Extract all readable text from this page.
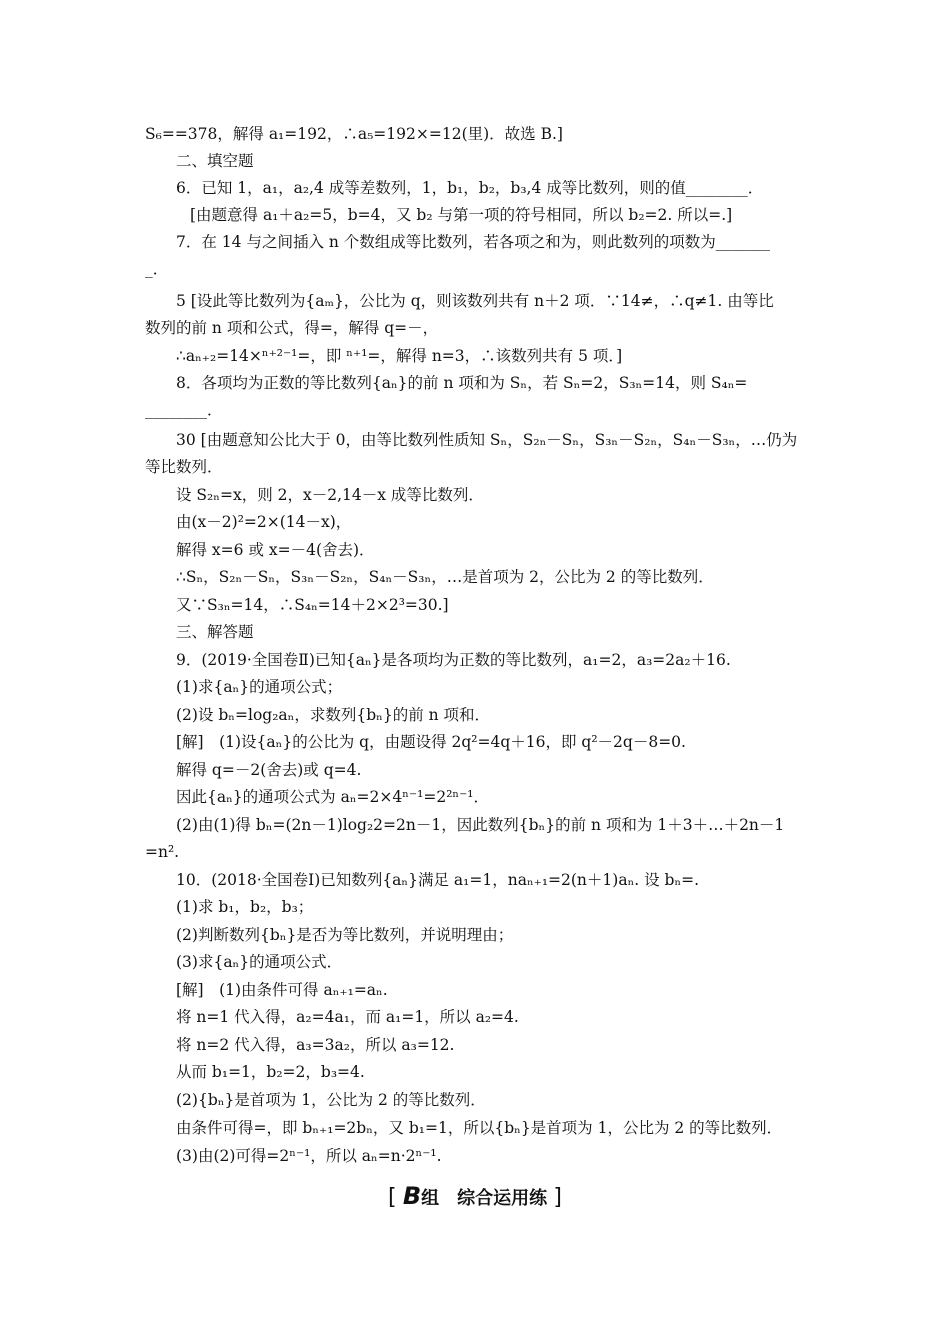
S₆==378，解得 a₁=192，∴a₅=192×=12(里)．故选 B.]
二、填空题
6．已知 1，a₁，a₂,4 成等差数列，1，b₁，b₂，b₃,4 成等比数列，则的值________．
[由题意得 a₁＋a₂=5，b=4，又 b₂ 与第一项的符号相同，所以 b₂=2. 所以=.]
7．在 14 与之间插入 n 个数组成等比数列，若各项之和为，则此数列的项数为_______
_．
5 [设此等比数列为{aₘ}，公比为 q，则该数列共有 n＋2 项．∵14≠，∴q≠1. 由等比
数列的前 n 项和公式，得=，解得 q=－，
∴aₙ₊₂=14×ⁿ⁺²⁻¹=，即 ⁿ⁺¹=，解得 n=3，∴该数列共有 5 项．]
8．各项均为正数的等比数列{aₙ}的前 n 项和为 Sₙ，若 Sₙ=2，S₃ₙ=14，则 S₄ₙ=
________．
30 [由题意知公比大于 0，由等比数列性质知 Sₙ，S₂ₙ－Sₙ，S₃ₙ－S₂ₙ，S₄ₙ－S₃ₙ，…仍为
等比数列．
设 S₂ₙ=x，则 2，x－2,14－x 成等比数列．
由(x－2)²=2×(14－x)，
解得 x=6 或 x=－4(舍去)．
∴Sₙ，S₂ₙ－Sₙ，S₃ₙ－S₂ₙ，S₄ₙ－S₃ₙ，…是首项为 2，公比为 2 的等比数列．
又∵S₃ₙ=14，∴S₄ₙ=14＋2×2³=30.]
三、解答题
9．(2019·全国卷Ⅱ)已知{aₙ}是各项均为正数的等比数列，a₁=2，a₃=2a₂＋16.
(1)求{aₙ}的通项公式；
(2)设 bₙ=log₂aₙ，求数列{bₙ}的前 n 项和．
[解]　(1)设{aₙ}的公比为 q，由题设得 2q²=4q＋16，即 q²－2q－8=0.
解得 q=－2(舍去)或 q=4.
因此{aₙ}的通项公式为 aₙ=2×4ⁿ⁻¹=2²ⁿ⁻¹．
(2)由(1)得 bₙ=(2n－1)log₂2=2n－1，因此数列{bₙ}的前 n 项和为 1＋3＋…＋2n－1
=n².
10．(2018·全国卷Ⅰ)已知数列{aₙ}满足 a₁=1，naₙ₊₁=2(n＋1)aₙ. 设 bₙ=.
(1)求 b₁，b₂，b₃；
(2)判断数列{bₙ}是否为等比数列，并说明理由；
(3)求{aₙ}的通项公式．
[解]　(1)由条件可得 aₙ₊₁=aₙ.
将 n=1 代入得，a₂=4a₁，而 a₁=1，所以 a₂=4.
将 n=2 代入得，a₃=3a₂，所以 a₃=12.
从而 b₁=1，b₂=2，b₃=4.
(2){bₙ}是首项为 1，公比为 2 的等比数列．
由条件可得=，即 bₙ₊₁=2bₙ，又 b₁=1，所以{bₙ}是首项为 1，公比为 2 的等比数列．
(3)由(2)可得=2ⁿ⁻¹，所以 aₙ=n·2ⁿ⁻¹.
[ B组　综合运用练 ]
